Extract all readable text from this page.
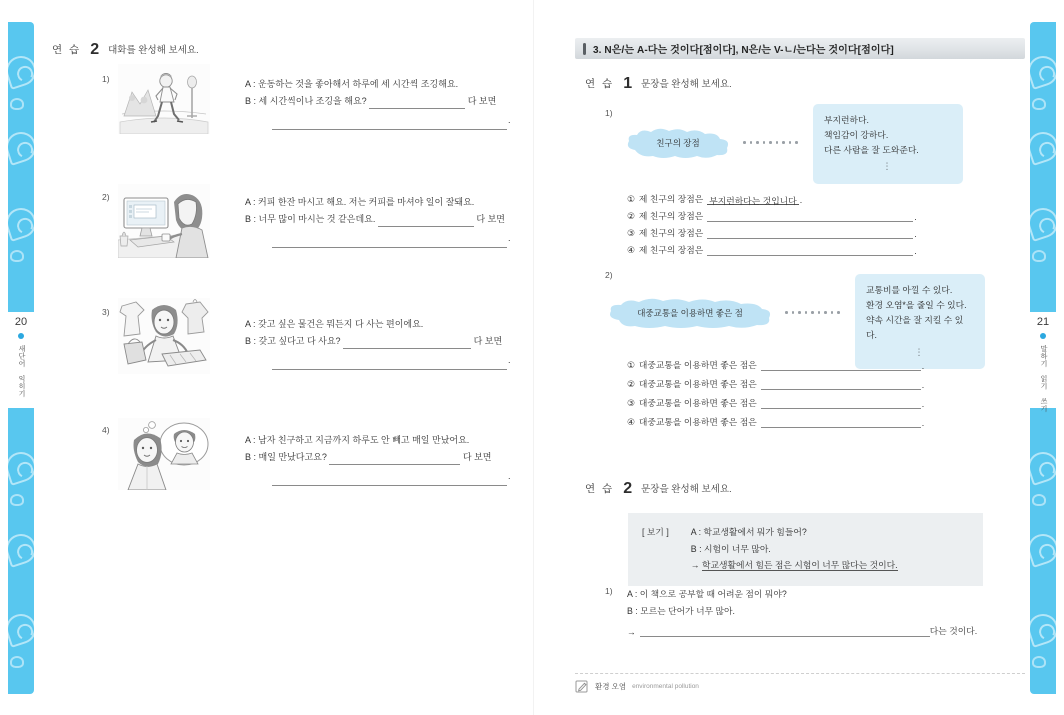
20
새단어 익히기
21
말하기 읽기 쓰기
연 습 2 대화를 완성해 보세요.
1)	A : 운동하는 것을 좋아해서 하루에 세 시간씩 조깅해요.
B : 세 시간씩이나 조깅을 해요?	다 보면
.
2)	A : 커피 한잔 마시고 해요. 저는 커피를 마셔야 일이 잘돼요.
B : 너무 많이 마시는 것 같은데요.	다 보면
.
3)
A : 갖고 싶은 물건은 뭐든지 다 사는 편이에요.
B : 갖고 싶다고 다 사요?	다 보면
.
4)
A : 남자 친구하고 지금까지 하루도 안 빼고 매일 만났어요.
B : 매일 만났다고요?	다 보면
.
3. N은/는 A-다는 것이다[점이다], N은/는 V-ㄴ/는다는 것이다[점이다]
연 습 1 문장을 완성해 보세요.
1)
친구의 장점
부지런하다.
책임감이 강하다.
다른 사람을 잘 도와준다.
⋮
① 제 친구의 장점은 부지런하다는 것입니다 .
② 제 친구의 장점은	.
③ 제 친구의 장점은	.
④ 제 친구의 장점은	.
2)
대중교통을 이용하면 좋은 점
교통비를 아낄 수 있다.
환경 오염*을 줄일 수 있다.
약속 시간을 잘 지킬 수 있다.
⋮
① 대중교통을 이용하면 좋은 점은	.
② 대중교통을 이용하면 좋은 점은	.
③ 대중교통을 이용하면 좋은 점은	.
④ 대중교통을 이용하면 좋은 점은	.
연 습 2 문장을 완성해 보세요.
[ 보기 ]	A : 학교생활에서 뭐가 힘들어?
B : 시험이 너무 많아.
→ 학교생활에서 힘든 점은 시험이 너무 많다는 것이다.
1) A : 이 책으로 공부할 때 어려운 점이 뭐야?
B : 모르는 단어가 너무 많아.
→	다는 것이다.
환경 오염 environmental pollution
